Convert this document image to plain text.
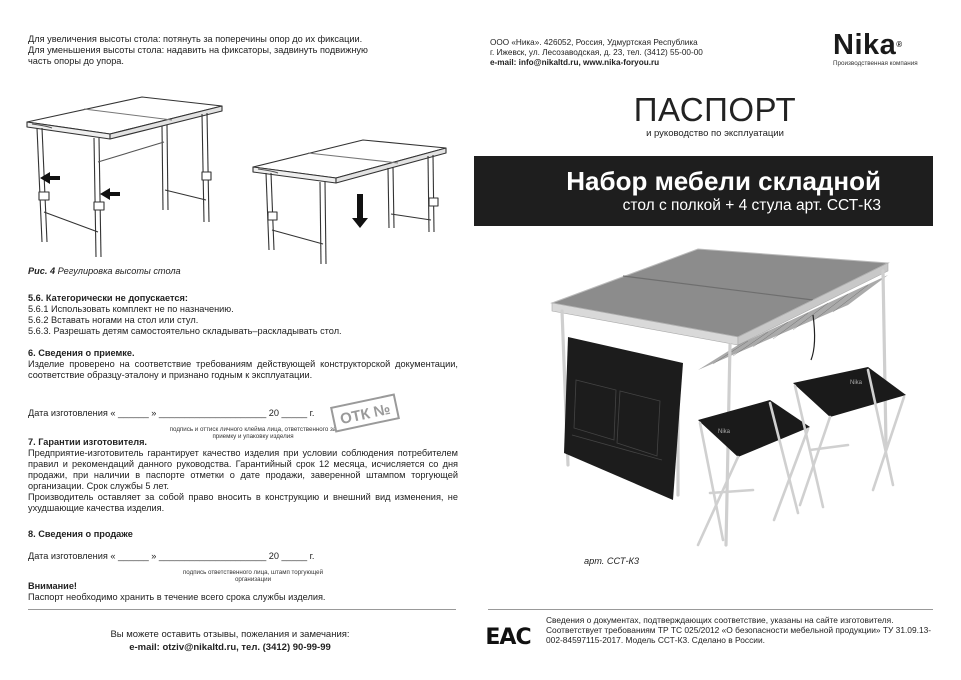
Для увеличения высоты стола: потянуть за поперечины опор до их фиксации.

Для уменьшения высоты стола: надавить на фиксаторы, задвинуть подвижную

часть опоры до упора.

Рис. 4 Регулировка высоты стола

5.6. Категорически не допускается:

5.6.1 Использовать комплект не по назначению.

5.6.2 Вставать ногами на стол или стул.

5.6.3. Разрешать детям самостоятельно складывать–раскладывать стол.

6. Сведения о приемке.

Изделие проверено на соответствие требованиям действующей конструкторской документации, соответствие образцу-эталону и признано годным к эксплуатации.

Дата изготовления « ______ » _____________________ 20 _____ г.

подпись и оттиск личного клейма лица, ответственного за приемку и упаковку изделия

ОТК №

7. Гарантии изготовителя.

Предприятие-изготовитель гарантирует качество изделия при условии соблюдения потребителем правил и рекомендаций данного руководства. Гарантийный срок 12 месяца, исчисляется со дня продажи, при наличии в паспорте отметки о дате продажи, заверенной штампом торгующей организации. Срок службы 5 лет.

Производитель оставляет за собой право вносить в конструкцию и внешний вид изменения, не ухудшающие качества изделия.

8. Сведения о продаже

Дата изготовления « ______ » _____________________ 20 _____ г.

подпись ответственного лица, штамп торгующей организации

Внимание!

Паспорт необходимо хранить в течение всего срока службы изделия.

Вы можете оставить отзывы, пожелания и замечания:

e-mail: otziv@nikaltd.ru, тел. (3412) 90-99-99

ООО «Ника». 426052, Россия, Удмуртская Республика

г. Ижевск, ул. Лесозаводская, д. 23, тел. (3412) 55-00-00

e-mail: info@nikaltd.ru, www.nika-foryou.ru

Nika®
Производственная компания

ПАСПОРТ

и руководство по эксплуатации

Набор мебели складной

стол с полкой + 4 стула арт. ССТ-К3

Nika
Nika

арт. ССТ-К3

EAC

Сведения о документах, подтверждающих соответствие, указаны на сайте изготовителя. Соответствует требованиям ТР ТС 025/2012 «О безопасности мебельной продукции» ТУ 31.09.13-002-84597115-2017. Модель ССТ-К3. Сделано в России.
